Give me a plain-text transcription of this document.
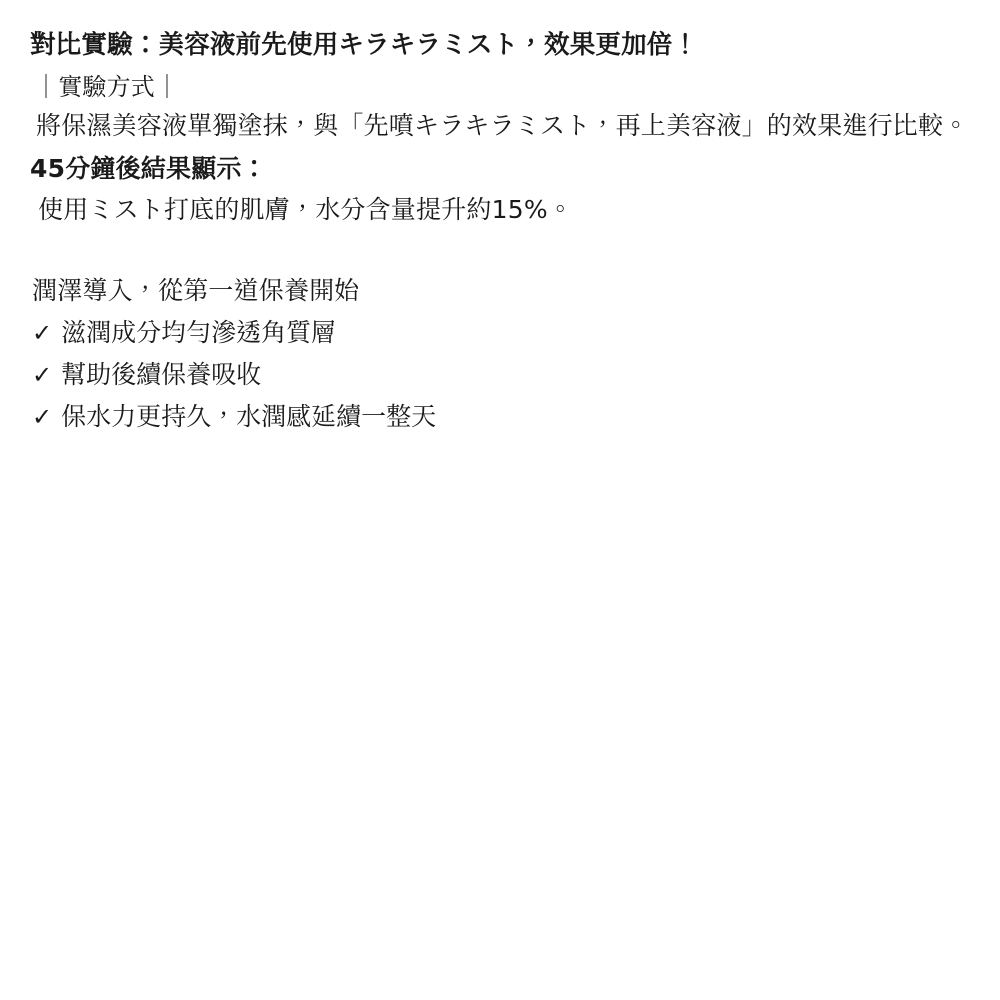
對比實驗：美容液前先使用キラキラミスト，效果更加倍！
｜實驗方式｜
將保濕美容液單獨塗抹，與「先噴キラキラミスト，再上美容液」的效果進行比較。
45分鐘後結果顯示：
使用ミスト打底的肌膚，水分含量提升約15%。
潤澤導入，從第一道保養開始
✓ 滋潤成分均勻滲透角質層
✓ 幫助後續保養吸收
✓ 保水力更持久，水潤感延續一整天
